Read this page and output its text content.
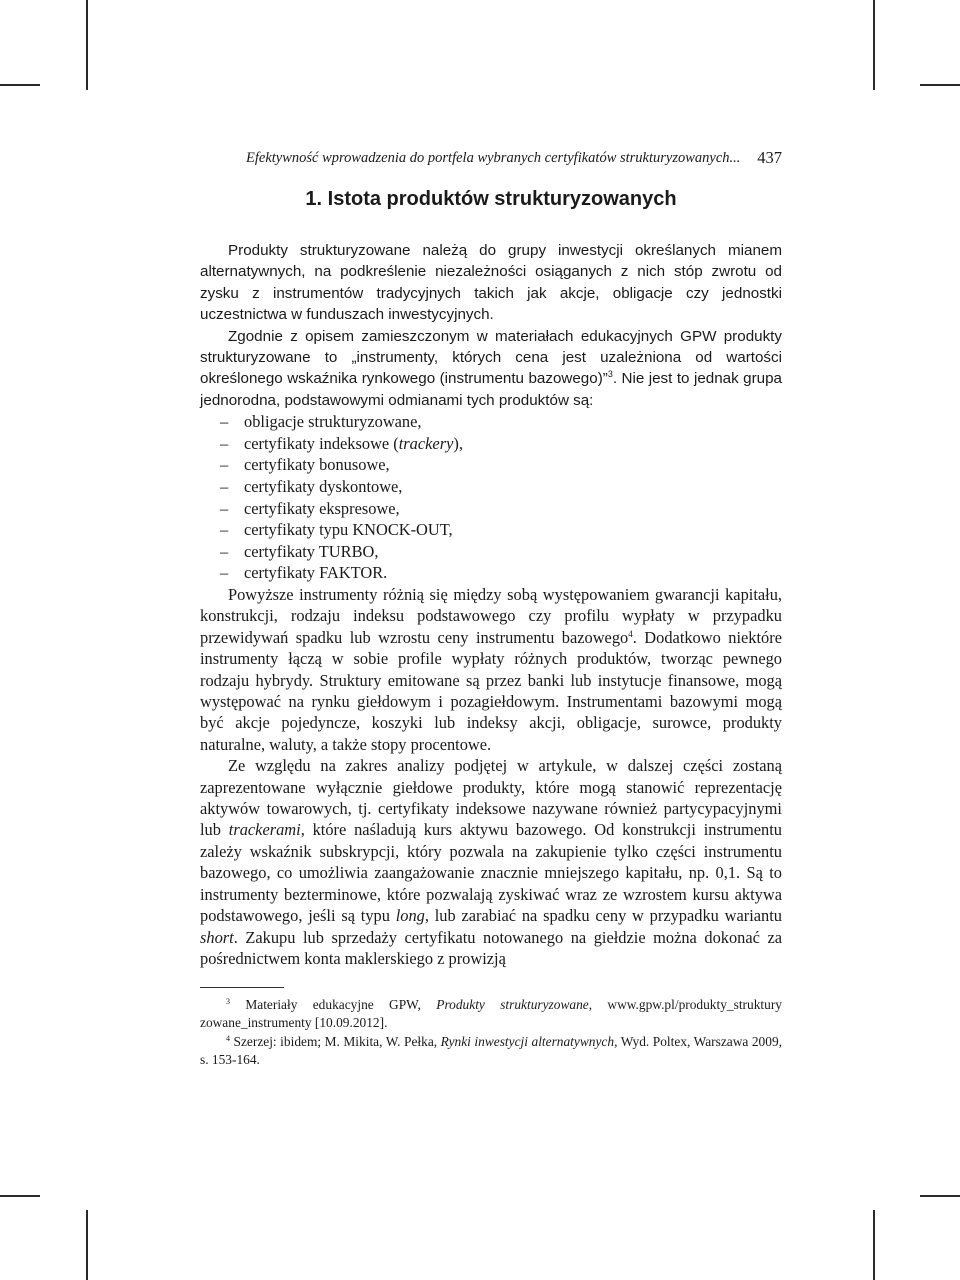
Efektywność wprowadzenia do portfela wybranych certyfikatów strukturyzowanych... 437
1. Istota produktów strukturyzowanych

Produkty strukturyzowane należą do grupy inwestycji określanych mianem alternatywnych, na podkreślenie niezależności osiąganych z nich stóp zwrotu od zysku z instrumentów tradycyjnych takich jak akcje, obligacje czy jednostki uczestnictwa w funduszach inwestycyjnych.

Zgodnie z opisem zamieszczonym w materiałach edukacyjnych GPW produkty strukturyzowane to „instrumenty, których cena jest uzależniona od wartości określonego wskaźnika rynkowego (instrumentu bazowego)”$^3$. Nie jest to jednak grupa jednorodna, podstawowymi odmianami tych produktów są:

– obligacje strukturyzowane,
– certyfikaty indeksowe (trackery),
– certyfikaty bonusowe,
– certyfikaty dyskontowe,
– certyfikaty ekspresowe,
– certyfikaty typu KNOCK-OUT,
– certyfikaty TURBO,
– certyfikaty FAKTOR.

Powyższe instrumenty różnią się między sobą występowaniem gwarancji kapitału, konstrukcji, rodzaju indeksu podstawowego czy profilu wypłaty w przypadku przewidywań spadku lub wzrostu ceny instrumentu bazowego$^4$. Dodatkowo niektóre instrumenty łączą w sobie profile wypłaty różnych produktów, tworząc pewnego rodzaju hybrydy. Struktury emitowane są przez banki lub instytucje finansowe, mogą występować na rynku giełdowym i pozagiełdowym. Instrumentami bazowymi mogą być akcje pojedyncze, koszyki lub indeksy akcji, obligacje, surowce, produkty naturalne, waluty, a także stopy procentowe.

Ze względu na zakres analizy podjętej w artykule, w dalszej części zostaną zaprezentowane wyłącznie giełdowe produkty, które mogą stanowić reprezentację aktywów towarowych, tj. certyfikaty indeksowe nazywane również partycypacyjnymi lub trackerami, które naśladują kurs aktywu bazowego. Od konstrukcji instrumentu zależy wskaźnik subskrypcji, który pozwala na zakupienie tylko części instrumentu bazowego, co umożliwia zaangażowanie znacznie mniejszego kapitału, np. 0,1. Są to instrumenty bezterminowe, które pozwalają zyskiwać wraz ze wzrostem kursu aktywa podstawowego, jeśli są typu long, lub zarabiać na spadku ceny w przypadku wariantu short. Zakupu lub sprzedaży certyfikatu notowanego na giełdzie można dokonać za pośrednictwem konta maklerskiego z prowizją

$^3$ Materiały edukacyjne GPW, Produkty strukturyzowane, www.gpw.pl/produkty_struktury zowane_instrumenty [10.09.2012].

$^4$ Szerzej: ibidem; M. Mikita, W. Pełka, Rynki inwestycji alternatywnych, Wyd. Poltex, Warszawa 2009, s. 153-164.
